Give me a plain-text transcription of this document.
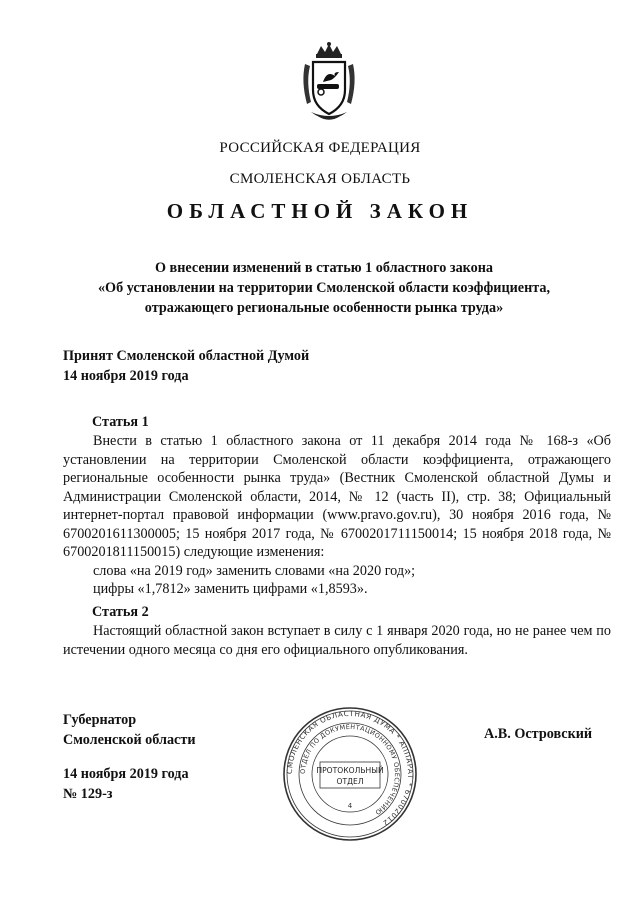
РОССИЙСКАЯ ФЕДЕРАЦИЯ
СМОЛЕНСКАЯ ОБЛАСТЬ
ОБЛАСТНОЙ ЗАКОН
О внесении изменений в статью 1 областного закона
«Об установлении на территории Смоленской области коэффициента,
отражающего региональные особенности рынка труда»
Принят Смоленской областной Думой
14 ноября 2019 года
Статья 1
Внести в статью 1 областного закона от 11 декабря 2014 года № 168-з «Об установлении на территории Смоленской области коэффициента, отражающего региональные особенности рынка труда» (Вестник Смоленской областной Думы и Администрации Смоленской области, 2014, № 12 (часть II), стр. 38; Официальный интернет-портал правовой информации (www.pravo.gov.ru), 30 ноября 2016 года, № 6700201611300005; 15 ноября 2017 года, № 6700201711150014; 15 ноября 2018 года, № 6700201811150015) следующие изменения:
слова «на 2019 год» заменить словами «на 2020 год»;
цифры «1,7812» заменить цифрами «1,8593».
Статья 2
Настоящий областной закон вступает в силу с 1 января 2020 года, но не ранее чем по истечении одного месяца со дня его официального опубликования.
Губернатор
Смоленской области
14 ноября 2019 года
№ 129-з
А.В. Островский
СМОЛЕНСКАЯ ОБЛАСТНАЯ ДУМА * АППАРАТ * 67002012
ОТДЕЛ ПО ДОКУМЕНТАЦИОННОМУ ОБЕСПЕЧЕНИЮ
ПРОТОКОЛЬНЫЙ
ОТДЕЛ
4
